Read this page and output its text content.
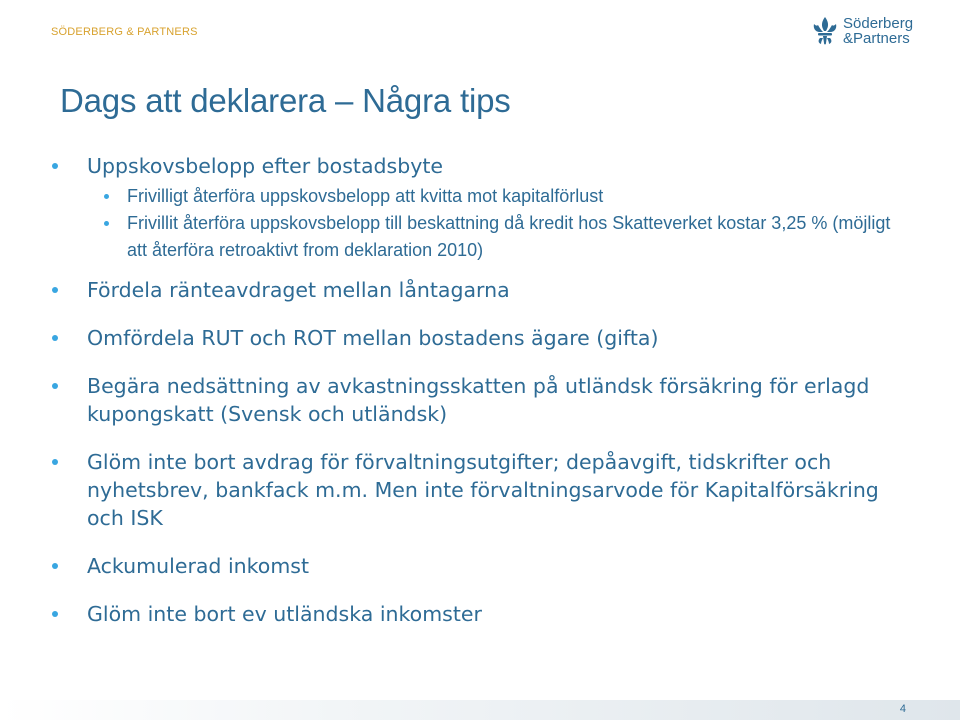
SÖDERBERG & PARTNERS	Söderberg
&Partners
Dags att deklarera – Några tips
Uppskovsbelopp efter bostadsbyte
Frivilligt återföra uppskovsbelopp att kvitta mot kapitalförlust
Frivillit återföra uppskovsbelopp till beskattning då kredit hos Skatteverket kostar 3,25 % (möjligt att återföra retroaktivt from deklaration 2010)
Fördela ränteavdraget mellan låntagarna
Omfördela RUT och ROT mellan bostadens ägare (gifta)
Begära nedsättning av avkastningsskatten på utländsk försäkring för erlagd kupongskatt (Svensk och utländsk)
Glöm inte bort avdrag för förvaltningsutgifter; depåavgift, tidskrifter och nyhetsbrev, bankfack m.m. Men inte förvaltningsarvode för Kapitalförsäkring och ISK
Ackumulerad inkomst
Glöm inte bort ev utländska inkomster
4
